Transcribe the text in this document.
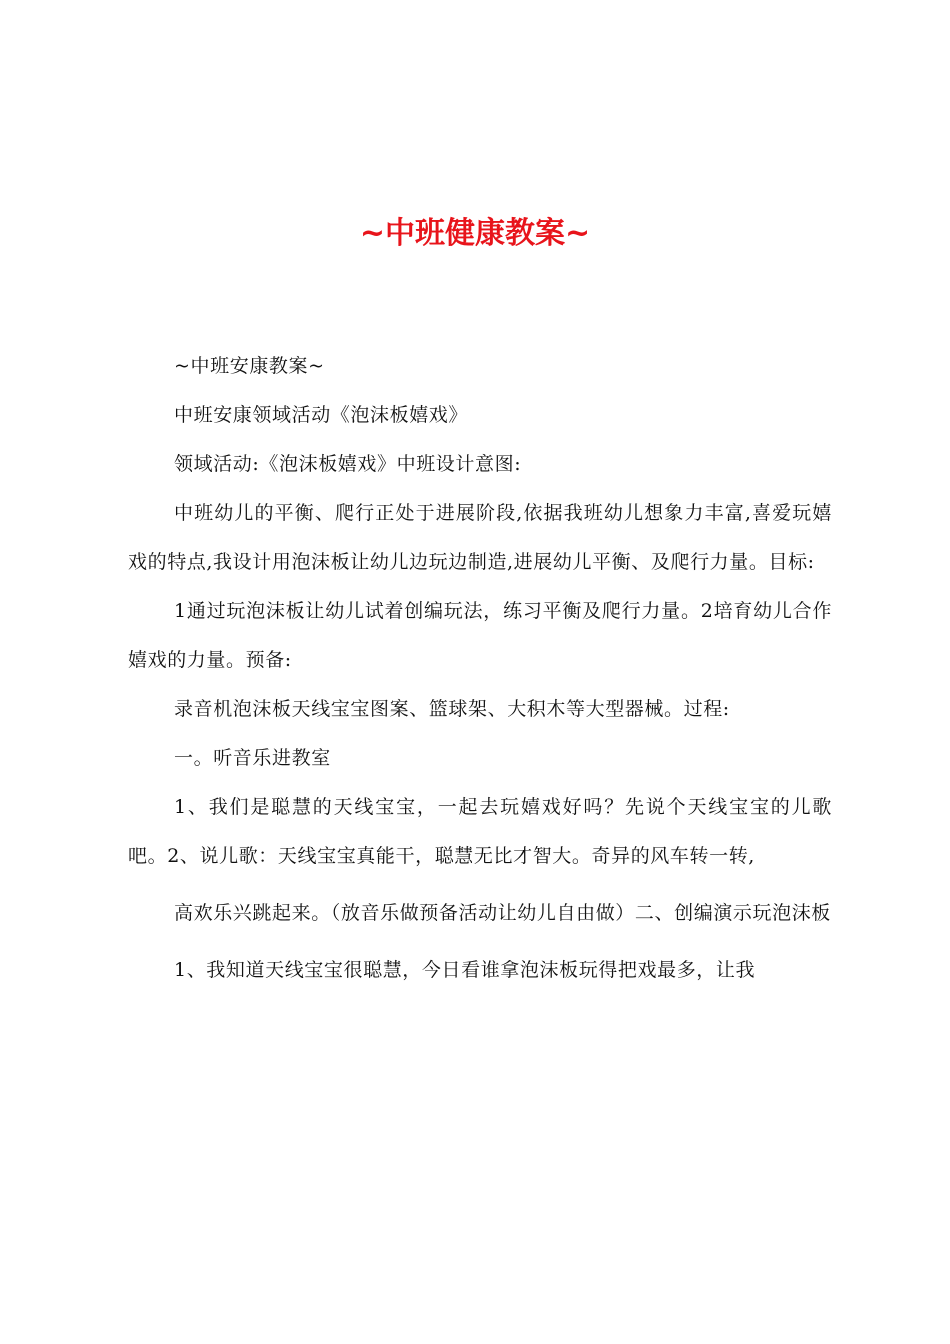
~中班健康教案~

~中班安康教案~

中班安康领域活动《泡沫板嬉戏》

领域活动:《泡沫板嬉戏》中班设计意图:

中班幼儿的平衡、爬行正处于进展阶段,依据我班幼儿想象力丰富,喜爱玩嬉戏的特点,我设计用泡沫板让幼儿边玩边制造,进展幼儿平衡、及爬行力量。目标:

1通过玩泡沫板让幼儿试着创编玩法，练习平衡及爬行力量。2培育幼儿合作嬉戏的力量。预备:

录音机泡沫板天线宝宝图案、篮球架、大积木等大型器械。过程:

一。听音乐进教室

1、我们是聪慧的天线宝宝，一起去玩嬉戏好吗？先说个天线宝宝的儿歌吧。2、说儿歌：天线宝宝真能干，聪慧无比才智大。奇异的风车转一转,

高欢乐兴跳起来。（放音乐做预备活动让幼儿自由做）二、创编演示玩泡沫板

1、我知道天线宝宝很聪慧，今日看谁拿泡沫板玩得把戏最多，让我
